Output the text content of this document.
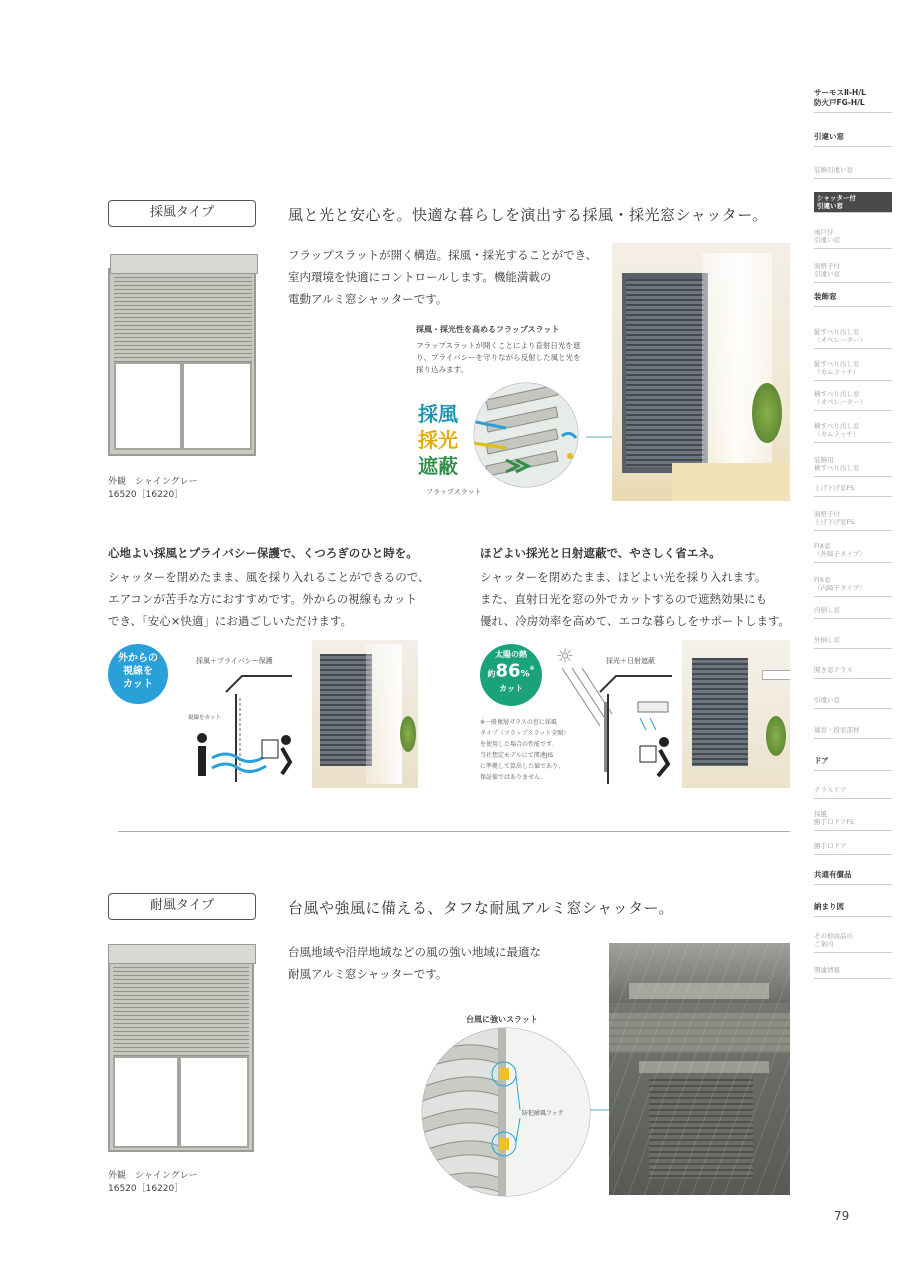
サーモスⅡ-H/L
防火戸FG-H/L
引違い窓
装飾引違い窓
シャッター付
引違い窓
雨戸付
引違い窓
面格子付
引違い窓
装飾窓
縦すべり出し窓
（オペレーター）
縦すべり出し窓
（カムラッチ）
横すべり出し窓
（オペレーター）
横すべり出し窓
（カムラッチ）
装飾用
横すべり出し窓
上げ下げ窓FS
面格子付
上げ下げ窓FS
FIX窓
（外障子タイプ）
FIX窓
（内障子タイプ）
内倒し窓
外倒し窓
開き窓テラス
引違い窓
連窓・段窓部材
ドア
テラスドア
採風
勝手口ドアFS
勝手口ドア
共通有償品
納まり図
その他商品の
ご案内
関連情報
採風タイプ	風と光と安心を。快適な暮らしを演出する採風・採光窓シャッター。
外観　シャイングレー
16520［16220］
フラップスラットが開く構造。採風・採光することができ、
室内環境を快適にコントロールします。機能満載の
電動アルミ窓シャッターです。
採風・採光性を高めるフラップスラット
フラップスラットが開くことにより直射日光を遮
り、プライバシーを守りながら反射した風と光を
採り込みます。
採風
採光
遮蔽
フラップスラット
心地よい採風とプライバシー保護で、くつろぎのひと時を。
シャッターを閉めたまま、風を採り入れることができるので、
エアコンが苦手な方におすすめです。外からの視線もカット
でき、「安心×快適」にお過ごしいただけます。
外からの
視線を
カット
採風＋プライバシー保護
視線をカット
ほどよい採光と日射遮蔽で、やさしく省エネ。
シャッターを閉めたまま、ほどよい光を採り入れます。
また、直射日光を窓の外でカットするので遮熱効果にも
優れ、冷房効率を高めて、エコな暮らしをサポートします。
太陽の熱
約86%※
カット
☼	採光＋日射遮蔽
※一般複層ガラスの窓に採風
タイプ（フラップスラット全開）
を使用した場合の性能です。
当社想定モデルにて関連JIS
に準拠して算出した値であり、
保証値ではありません。
耐風タイプ	台風や強風に備える、タフな耐風アルミ窓シャッター。
外観　シャイングレー
16520［16220］
台風地域や沿岸地域などの風の強い地域に最適な
耐風アルミ窓シャッターです。
台風に強いスラット
防犯耐風フック
79
